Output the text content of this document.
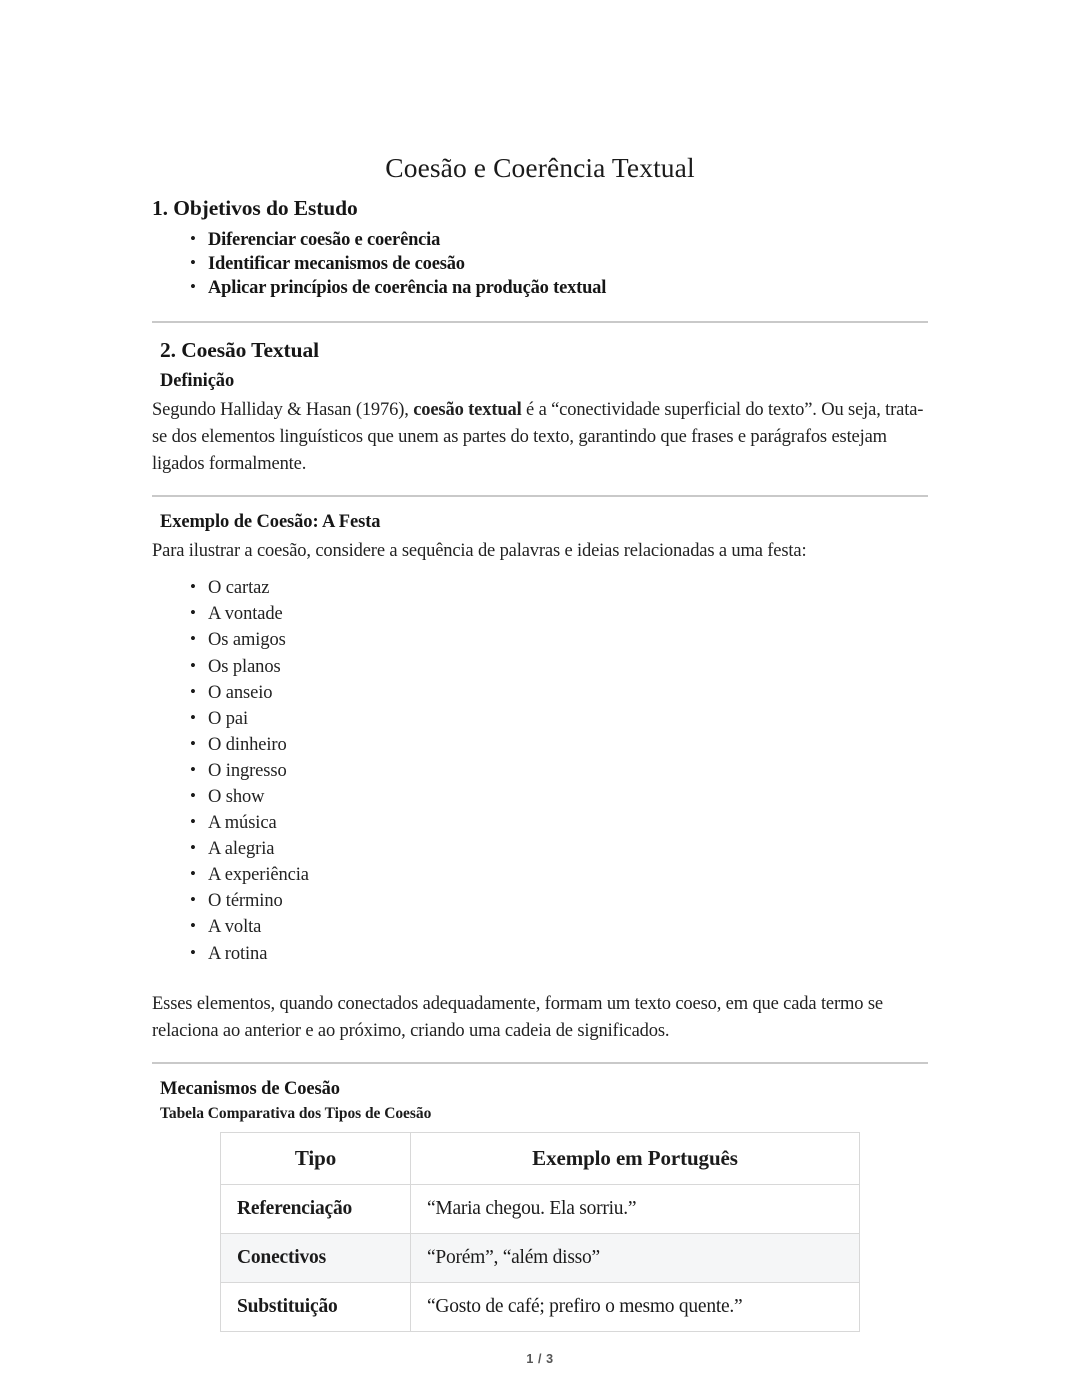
Coesão e Coerência Textual
1. Objetivos do Estudo
• Diferenciar coesão e coerência
• Identificar mecanismos de coesão
• Aplicar princípios de coerência na produção textual
2. Coesão Textual
Definição

Segundo Halliday & Hasan (1976), coesão textual é a “conectividade superficial do texto”. Ou seja, trata-se dos elementos linguísticos que unem as partes do texto, garantindo que frases e parágrafos estejam ligados formalmente.

Exemplo de Coesão: A Festa

Para ilustrar a coesão, considere a sequência de palavras e ideias relacionadas a uma festa:

• O cartaz
• A vontade
• Os amigos
• Os planos
• O anseio
• O pai
• O dinheiro
• O ingresso
• O show
• A música
• A alegria
• A experiência
• O término
• A volta
• A rotina

Esses elementos, quando conectados adequadamente, formam um texto coeso, em que cada termo se relaciona ao anterior e ao próximo, criando uma cadeia de significados.

Mecanismos de Coesão
Tabela Comparativa dos Tipos de Coesão
Tipo	Exemplo em Português
Referenciação	“Maria chegou. Ela sorriu.”
Conectivos	“Porém”, “além disso”
Substituição	“Gosto de café; prefiro o mesmo quente.”
1 / 3
